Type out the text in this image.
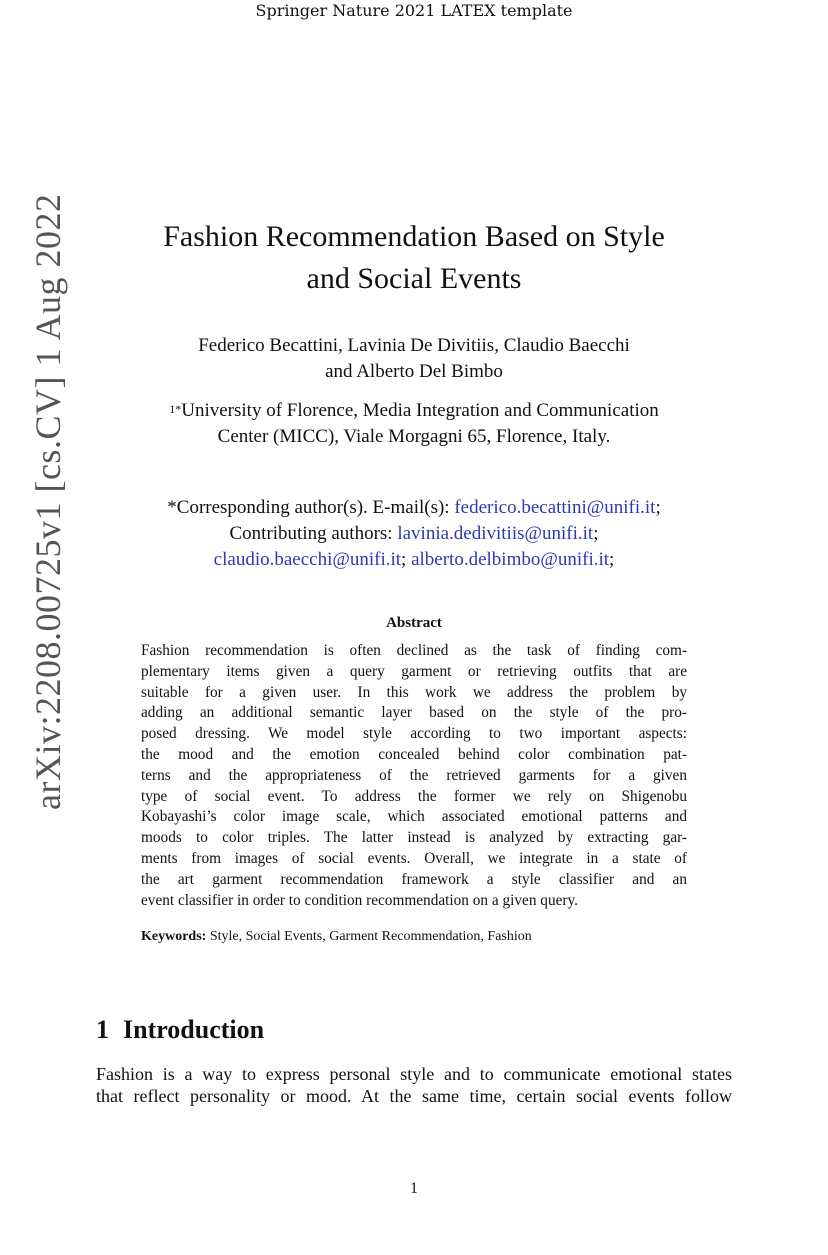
Springer Nature 2021 LATEX template
arXiv:2208.00725v1 [cs.CV] 1 Aug 2022	Fashion Recommendation Based on Style
and Social Events
Federico Becattini, Lavinia De Divitiis, Claudio Baecchi
and Alberto Del Bimbo
$^{1*}$University of Florence, Media Integration and Communication
Center (MICC), Viale Morgagni 65, Florence, Italy.
*Corresponding author(s). E-mail(s): federico.becattini@unifi.it;
Contributing authors: lavinia.dedivitiis@unifi.it;
claudio.baecchi@unifi.it; alberto.delbimbo@unifi.it;
Abstract
Fashion recommendation is often declined as the task of finding com-
plementary items given a query garment or retrieving outfits that are
suitable for a given user. In this work we address the problem by
adding an additional semantic layer based on the style of the pro-
posed dressing. We model style according to two important aspects:
the mood and the emotion concealed behind color combination pat-
terns and the appropriateness of the retrieved garments for a given
type of social event. To address the former we rely on Shigenobu
Kobayashi’s color image scale, which associated emotional patterns and
moods to color triples. The latter instead is analyzed by extracting gar-
ments from images of social events. Overall, we integrate in a state of
the art garment recommendation framework a style classifier and an
event classifier in order to condition recommendation on a given query.
Keywords: Style, Social Events, Garment Recommendation, Fashion
1 Introduction
Fashion is a way to express personal style and to communicate emotional states
that reflect personality or mood. At the same time, certain social events follow
1
